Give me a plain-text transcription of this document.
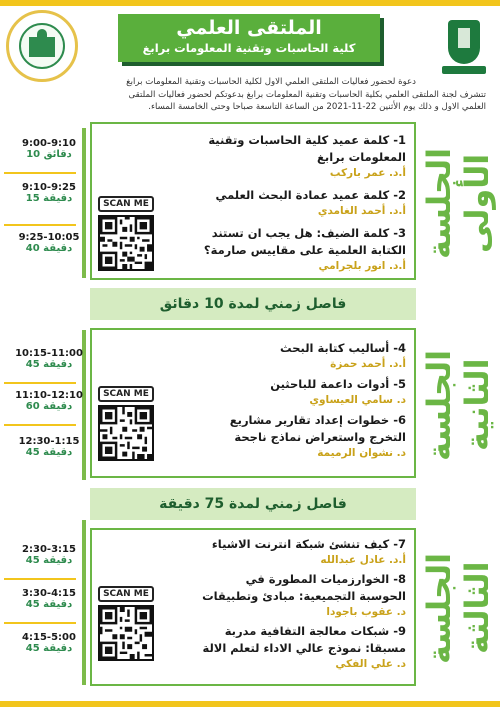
الملتقى العلمي
كلية الحاسبات وتقنية المعلومات برابغ
دعوة لحضور فعاليات الملتقى العلمي الاول لكلية الحاسبات وتقنية المعلومات برابغ
تتشرف لجنة الملتقى العلمي بكلية الحاسبات وتقنية المعلومات برابغ بدعوتكم لحضور فعاليات الملتقى
العلمي الاول و ذلك يوم الأثنين 22-11-2021 من الساعة التاسعة صباحا وحتى الخامسة المساء.
9:00-9:10
دقائق 10
9:10-9:25
دقيقة 15
9:25-10:05
دقيقة 40
SCAN ME
1- كلمة عميد كلية الحاسبات وتقنية المعلومات برابغ
أ.د. عمر باركب
2- كلمة عميد عمادة البحث العلمي
أ.د. أحمد الغامدي
3- كلمة الضيف: هل يجب ان تستند الكتابة العلمية على مقاييس صارمة؟
أ.د. انور بلجرامي
الجلسة الأولى
فاصل زمني لمدة 10 دقائق
10:15-11:00
دقيقة 45
11:10-12:10
دقيقة 60
12:30-1:15
دقيقة 45
SCAN ME
4- أساليب كتابة البحث
أ.د. أحمد حمزة
5- أدوات داعمة للباحثين
د. سامي العيساوي
6- خطوات إعداد تقارير مشاريع التخرج واستعراض نماذج ناجحة
د. نشوان الرميمة الجلسة الثانية
فاصل زمني لمدة 75 دقيقة
2:30-3:15
دقيقة 45
3:30-4:15
دقيقة 45
4:15-5:00
دقيقة 45
SCAN ME
7- كيف تنشئ شبكة انترنت الاشياء
أ.د. عادل عبدالله
8- الخوارزميات المطورة في الحوسبة التجميعية: مبادئ وتطبيقات
د. عقوب باجودا
9- شبكات معالجة التفافية مدربة مسبقا: نموذج عالي الاداء لتعلم الالة
د. علي الفكي
الجلسة الثالثة
